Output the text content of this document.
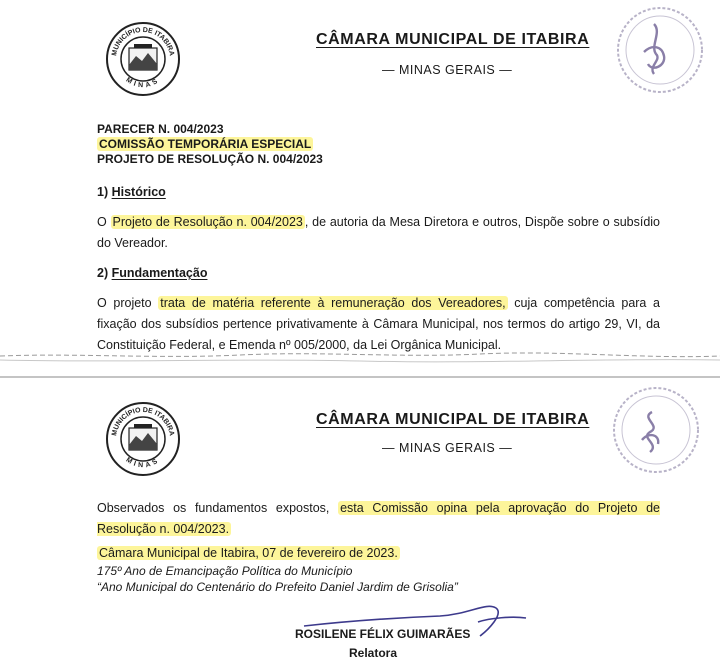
MUNICÍPIO DE ITABIRA
MINAS
CÂMARA MUNICIPAL DE ITABIRA
— MINAS GERAIS —
PARECER N. 004/2023
COMISSÃO TEMPORÁRIA ESPECIAL
PROJETO DE RESOLUÇÃO N. 004/2023
1) Histórico
O Projeto de Resolução n. 004/2023 , de autoria da Mesa Diretora e outros, Dispõe sobre o subsídio do Vereador.
2) Fundamentação
O projeto trata de matéria referente à remuneração dos Vereadores, cuja competência para a fixação dos subsídios pertence privativamente à Câmara Municipal, nos termos do artigo 29, VI, da Constituição Federal, e Emenda nº 005/2000, da Lei Orgânica Municipal.
MUNICÍPIO DE ITABIRA
MINAS
CÂMARA MUNICIPAL DE ITABIRA
— MINAS GERAIS —
Observados os fundamentos expostos, esta Comissão opina pela aprovação do Projeto de Resolução n. 004/2023.
Câmara Municipal de Itabira, 07 de fevereiro de 2023.
175º Ano de Emancipação Política do Município
“Ano Municipal do Centenário do Prefeito Daniel Jardim de Grisolia”
ROSILENE FÉLIX GUIMARÃES
Relatora
